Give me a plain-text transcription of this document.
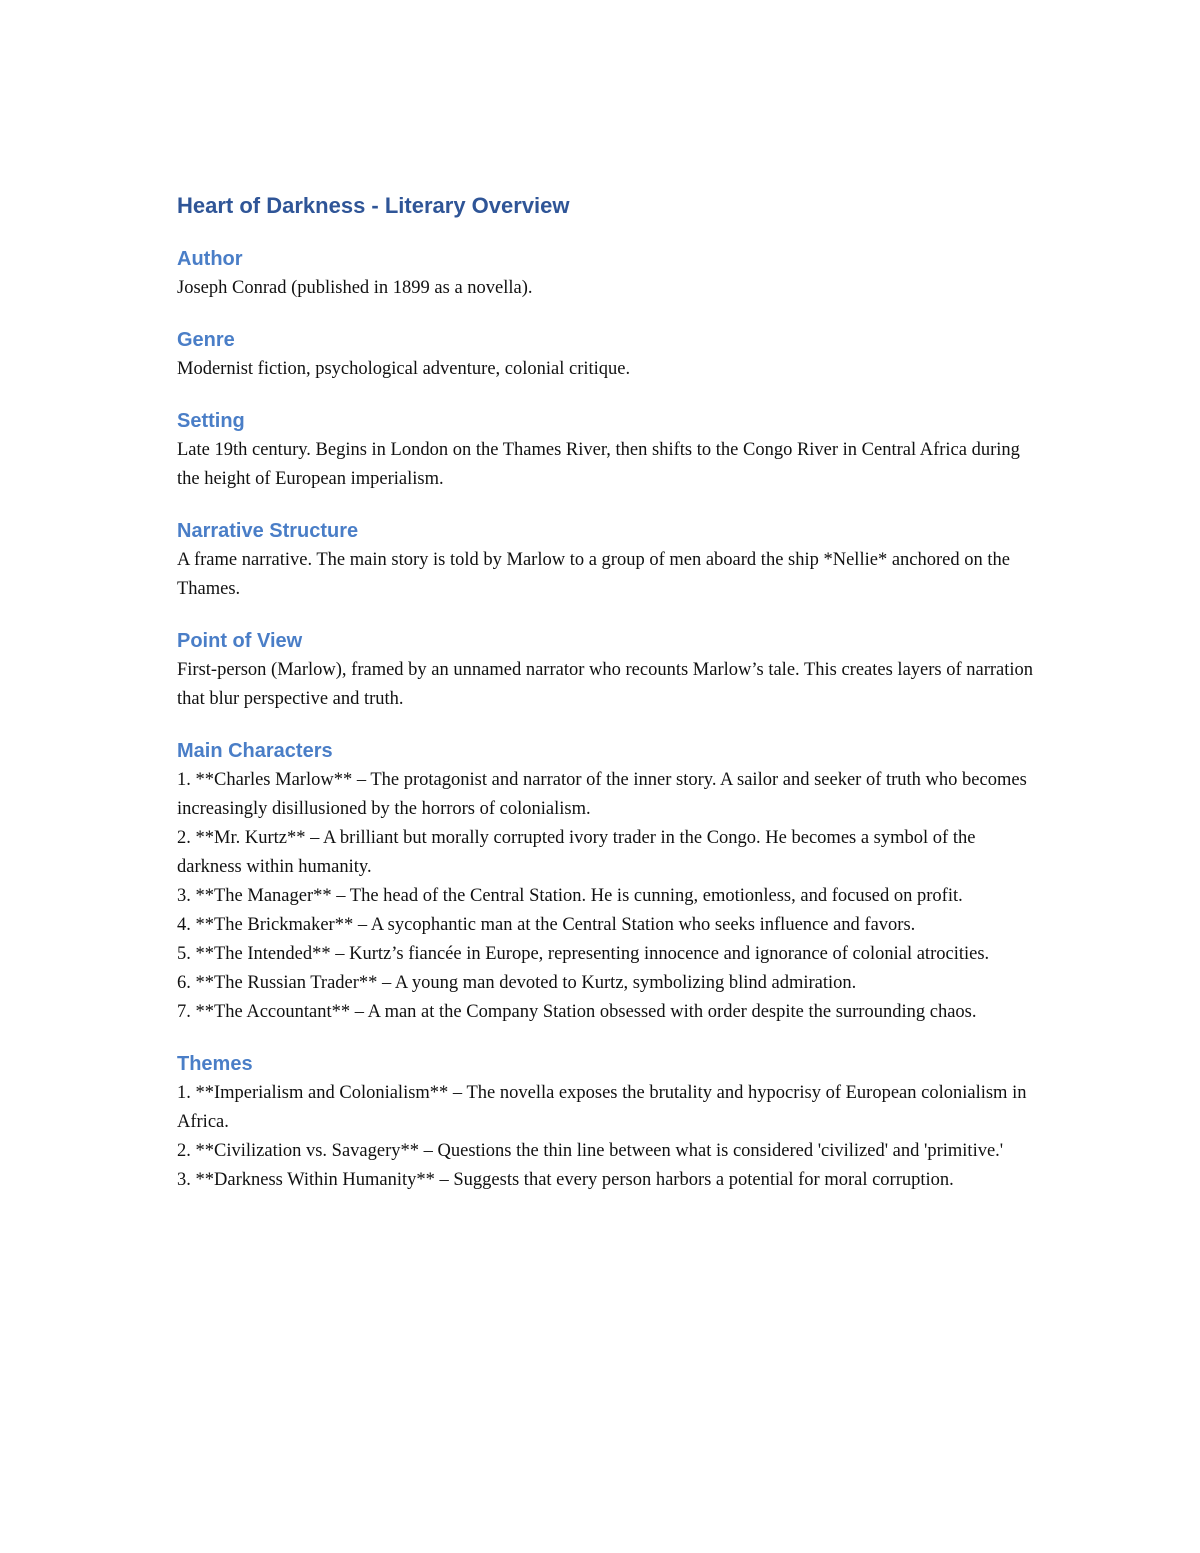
Heart of Darkness - Literary Overview
Author

Joseph Conrad (published in 1899 as a novella).

Genre

Modernist fiction, psychological adventure, colonial critique.

Setting

Late 19th century. Begins in London on the Thames River, then shifts to the Congo River in Central Africa during the height of European imperialism.

Narrative Structure

A frame narrative. The main story is told by Marlow to a group of men aboard the ship *Nellie* anchored on the Thames.

Point of View

First-person (Marlow), framed by an unnamed narrator who recounts Marlow’s tale. This creates layers of narration that blur perspective and truth.

Main Characters

1. **Charles Marlow** – The protagonist and narrator of the inner story. A sailor and seeker of truth who becomes increasingly disillusioned by the horrors of colonialism.

2. **Mr. Kurtz** – A brilliant but morally corrupted ivory trader in the Congo. He becomes a symbol of the darkness within humanity.

3. **The Manager** – The head of the Central Station. He is cunning, emotionless, and focused on profit.

4. **The Brickmaker** – A sycophantic man at the Central Station who seeks influence and favors.

5. **The Intended** – Kurtz’s fiancée in Europe, representing innocence and ignorance of colonial atrocities.

6. **The Russian Trader** – A young man devoted to Kurtz, symbolizing blind admiration.

7. **The Accountant** – A man at the Company Station obsessed with order despite the surrounding chaos.

Themes

1. **Imperialism and Colonialism** – The novella exposes the brutality and hypocrisy of European colonialism in Africa.

2. **Civilization vs. Savagery** – Questions the thin line between what is considered 'civilized' and 'primitive.'

3. **Darkness Within Humanity** – Suggests that every person harbors a potential for moral corruption.
